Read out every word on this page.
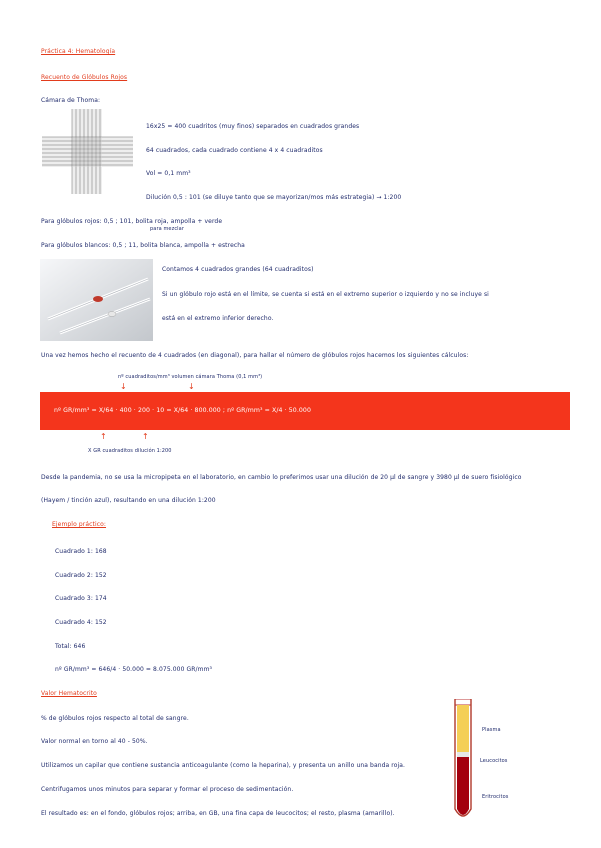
Práctica 4: Hematología
Recuento de Glóbulos Rojos
Cámara de Thoma:
16x25 = 400 cuadritos (muy finos) separados en cuadrados grandes
64 cuadrados, cada cuadrado contiene 4 x 4 cuadraditos
Vol = 0,1 mm³
Dilución 0,5 : 101 (se diluye tanto que se mayorizan/mos más estrategia) → 1:200
Para glóbulos rojos: 0,5 ; 101, bolita roja, ampolla + verde
para mezclar
Para glóbulos blancos: 0,5 ; 11, bolita blanca, ampolla + estrecha
Contamos 4 cuadrados grandes (64 cuadraditos)
Si un glóbulo rojo está en el límite, se cuenta si está en el extremo superior o izquierdo y no se incluye si
está en el extremo inferior derecho.
Una vez hemos hecho el recuento de 4 cuadrados (en diagonal), para hallar el número de glóbulos rojos hacemos los siguientes cálculos:
nº cuadraditos/mm³ volumen cámara Thoma (0,1 mm³)
↓	↓
nº GR/mm³ = X/64 · 400 · 200 · 10 = X/64 · 800.000 ; nº GR/mm³ = X/4 · 50.000
↑	↑
X GR cuadraditos dilución 1:200
Desde la pandemia, no se usa la micropipeta en el laboratorio, en cambio lo preferimos usar una dilución de 20 µl de sangre y 3980 µl de suero fisiológico
(Hayem / tinción azul), resultando en una dilución 1:200
Ejemplo práctico:
Cuadrado 1: 168
Cuadrado 2: 152
Cuadrado 3: 174
Cuadrado 4: 152
Total: 646
nº GR/mm³ = 646/4 · 50.000 = 8.075.000 GR/mm³
Valor Hematocrito
% de glóbulos rojos respecto al total de sangre.
Valor normal en torno al 40 - 50%.
Utilizamos un capilar que contiene sustancia anticoagulante (como la heparina), y presenta un anillo una banda roja.
Centrifugamos unos minutos para separar y formar el proceso de sedimentación.
El resultado es: en el fondo, glóbulos rojos; arriba, en GB, una fina capa de leucocitos; el resto, plasma (amarillo).
Plasma
Leucocitos
Eritrocitos
